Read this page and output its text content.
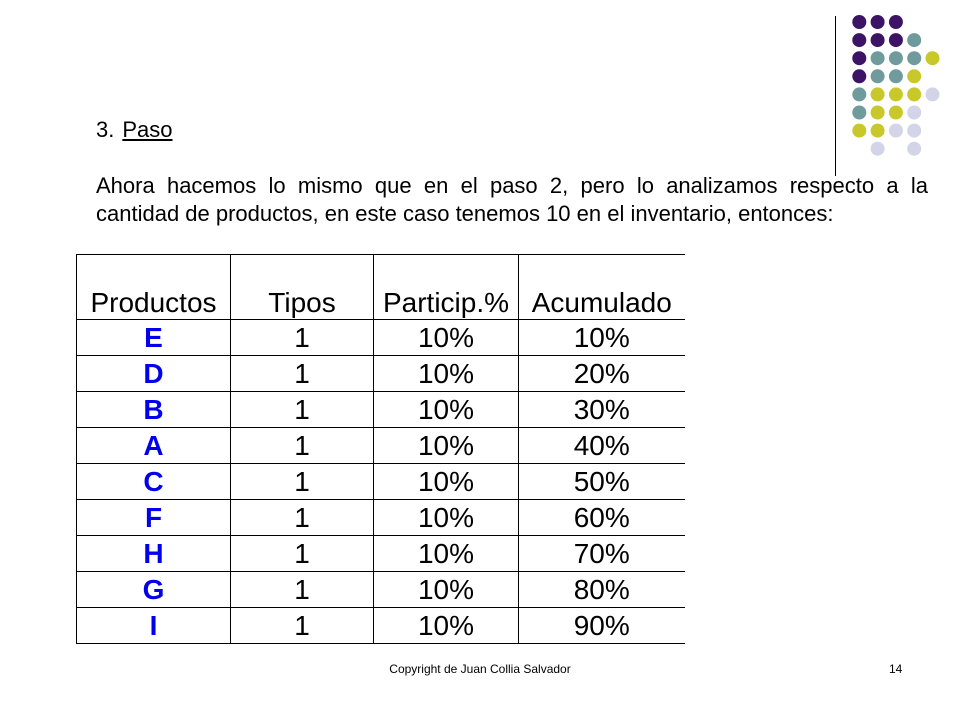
3. Paso
Ahora hacemos lo mismo que en el paso 2, pero lo analizamos respecto a la cantidad de productos, en este caso tenemos 10 en el inventario, entonces:
Productos	Tipos	Particip.%	Acumulado
E	1	10%	10%
D	1	10%	20%
B	1	10%	30%
A	1	10%	40%
C	1	10%	50%
F	1	10%	60%
H	1	10%	70%
G	1	10%	80%
I	1	10%	90%
Copyright de Juan Collia Salvador	14
